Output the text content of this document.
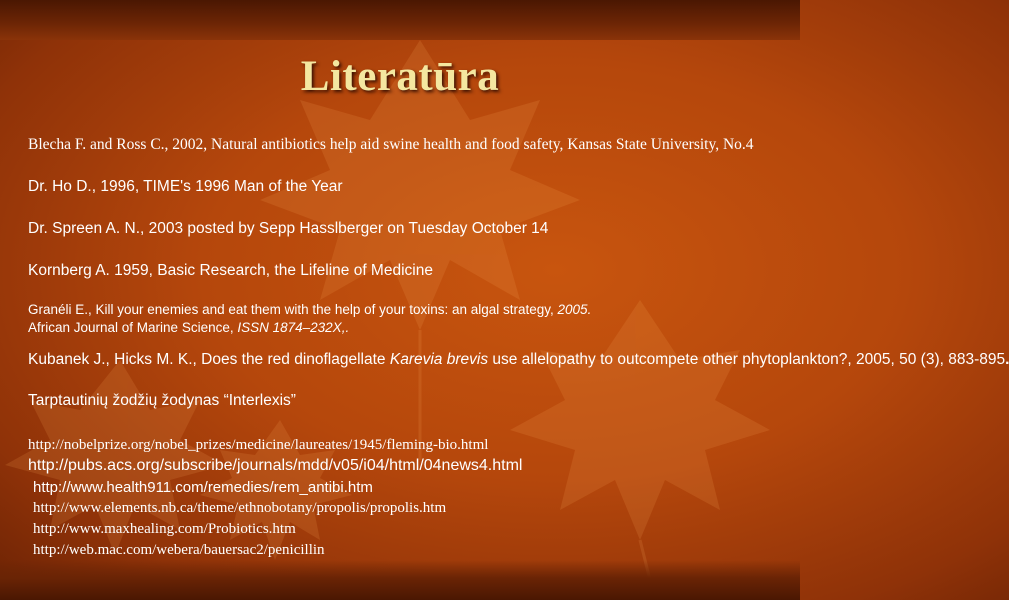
Literatūra

Blecha F. and Ross C., 2002, Natural antibiotics help aid swine health and food safety, Kansas State University, No.4

Dr. Ho D., 1996, TIME's 1996 Man of the Year

Dr. Spreen A. N., 2003 posted by Sepp Hasslberger on Tuesday October 14

Kornberg A. 1959, Basic Research, the Lifeline of Medicine

Granéli E., Kill your enemies and eat them with the help of your toxins: an algal strategy, 2005.
African Journal of Marine Science, ISSN 1874–232X,.

Kubanek J., Hicks M. K., Does the red dinoflagellate Karevia brevis use allelopathy to outcompete other phytoplankton?, 2005, 50 (3), 883-895.

Tarptautinių žodžių žodynas “Interlexis”

http://nobelprize.org/nobel_prizes/medicine/laureates/1945/fleming-bio.html

http://pubs.acs.org/subscribe/journals/mdd/v05/i04/html/04news4.html

http://www.health911.com/remedies/rem_antibi.htm

http://www.elements.nb.ca/theme/ethnobotany/propolis/propolis.htm

http://www.maxhealing.com/Probiotics.htm

http://web.mac.com/webera/bauersac2/penicillin
